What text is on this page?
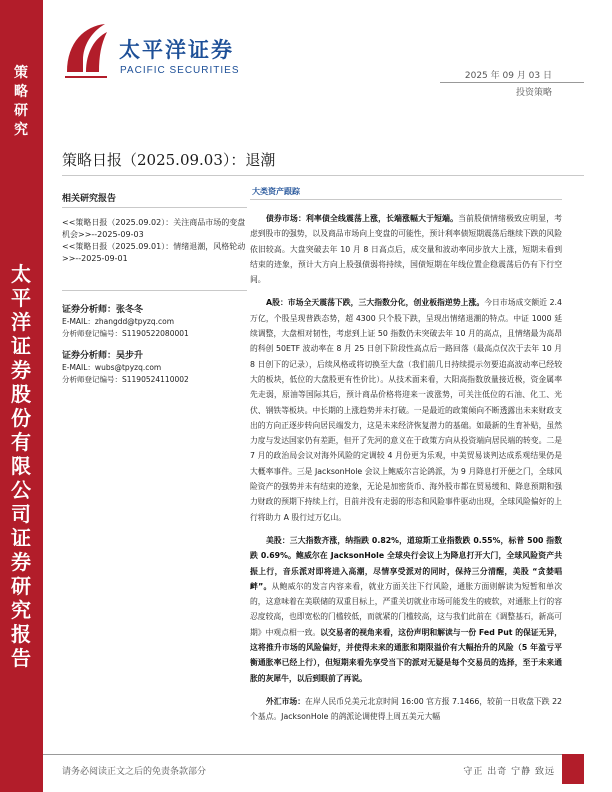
策略研究
太平洋证券股份有限公司证券研究报告
太平洋证券
PACIFIC SECURITIES	2025 年 09 月 03 日
投资策略
策略日报（2025.09.03）：退潮
相关研究报告
<<策略日报（2025.09.02）：关注商品市场的变盘机会>>--2025-09-03
<<策略日报（2025.09.01）：情绪退潮，风格轮动>>--2025-09-01
证券分析师：张冬冬
E-MAIL：zhangdd@tpyzq.com
分析师登记编号：S1190522080001
证券分析师：吴步升
E-MAIL：wubs@tpyzq.com
分析师登记编号：S1190524110002
大类资产跟踪

债券市场：利率债全线震荡上涨，长端涨幅大于短端。当前股债情绪极致应明显，考虑到股市的强势，以及商品市场向上变盘的可能性，预计利率债短期震荡后继续下跌的风险依旧较高。大盘突破去年 10 月 8 日高点后，成交量和波动率同步放大上涨，短期未看到结束的迹象，预计大方向上股强债弱将持续，国债短期在年线位置企稳震荡后仍有下行空间。

A股：市场全天震荡下跌，三大指数分化，创业板指逆势上涨。今日市场成交额近 2.4 万亿，个股呈现普跌态势，超 4300 只个股下跌，呈现出情绪退潮的特点。中证 1000 延续调整，大盘相对韧性，考虑到上证 50 指数仍未突破去年 10 月的高点，且情绪最为高昂的科创 50ETF 波动率在 8 月 25 日创下阶段性高点后一路回落（最高点仅次于去年 10 月 8 日创下的记录），后续风格或将切换至大盘（我们前几日持续提示勿要追高波动率已经较大的板块，低位的大盘股更有性价比）。从技术面来看，大阳高指数放量接近极，资金属率先走弱，原油等国际其后，预计商品价格将迎来一波涨势，可关注低位的石油、化工、光伏、钢铁等板块。中长期的上涨趋势并未打破。一是最近的政策倾向不断透露出未来财政支出的方向正逐步转向居民端发力，这是未来经济恢复潜力的基础。如最新的生育补贴，虽然力度与发达国家仍有差距，但开了先河的意义在于政策方向从投资端向居民端的转变。二是 7 月的政治局会议对海外风险的定调较 4 月份更为乐观，中美贸易谈判达成系观结果仍是大概率事件。三是 JacksonHole 会议上鲍威尔言论鸽派，为 9 月降息打开便之门，全球风险资产的强势并未有结束的迹象，无论是加密货币、海外股市都在贸易缓和、降息预期和强力财政的预期下持续上行，目前并没有走弱的形态和风险事件驱动出现，全球风险偏好的上行将助力 A 股行过万亿山。

美股：三大指数齐涨，纳指跌 0.82%，道琼斯工业指数跌 0.55%，标普 500 指数跌 0.69%。鲍威尔在 JacksonHole 全球央行会议上为降息打开大门，全球风险资产共振上行，音乐派对即将进入高潮，尽情享受派对的同时，保持三分清醒，美股 “贪婪唱衅”。从鲍威尔的发言内容来看，就业方面关注下行风险，通胀方面则解读为短暂和单次的，这意味着在美联储的双重目标上，严重关切就业市场可能发生的疲软，对通胀上行的容忍度较高，也即宽松的门槛较低，而就紧的门槛较高，这与我们此前在《调整基石，新高可期》中观点相一致。以交易者的视角来看，这份声明和解读与一份 Fed Put 的保证无异，这将推升市场的风险偏好，并使得未来的通胀和期限溢价有大幅抬升的风险（5 年盈亏平衡通胀率已经上行），但短期来看先享受当下的派对无疑是每个交易员的选择，至于未来通胀的灰犀牛，以后到眼前了再说。

外汇市场：在岸人民币兑美元北京时间 16:00 官方报 7.1466，较前一日收盘下跌 22 个基点。JacksonHole 的鸽派论调使得上周五美元大幅

请务必阅读正文之后的免责条款部分	守正 出奇 宁静 致远
